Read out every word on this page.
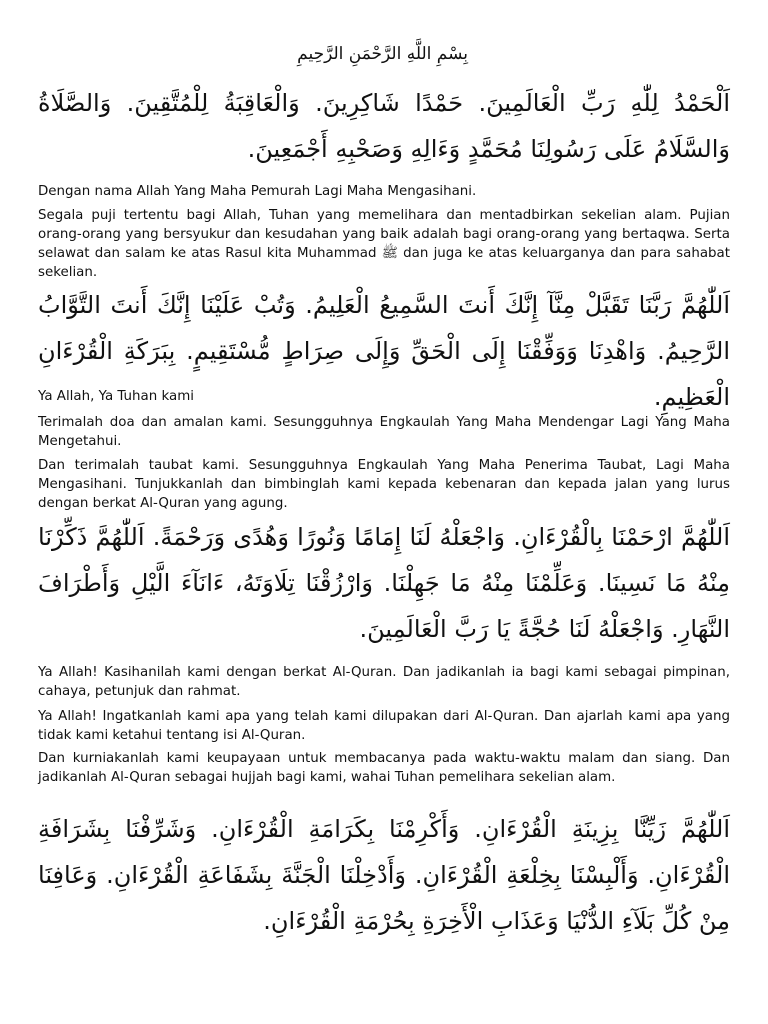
بِسْمِ اللَّهِ الرَّحْمَنِ الرَّحِيمِ

اَلْحَمْدُ لِلّٰهِ رَبِّ الْعَالَمِينَ. حَمْدًا شَاكِرِينَ. وَالْعَاقِبَةُ لِلْمُتَّقِينَ. وَالصَّلَاةُ وَالسَّلَامُ عَلَى رَسُولِنَا مُحَمَّدٍ وَءَالِهِ وَصَحْبِهِ أَجْمَعِينَ.

Dengan nama Allah Yang Maha Pemurah Lagi Maha Mengasihani.

Segala puji tertentu bagi Allah, Tuhan yang memelihara dan mentadbirkan sekelian alam. Pujian orang-orang yang bersyukur dan kesudahan yang baik adalah bagi orang-orang yang bertaqwa. Serta selawat dan salam ke atas Rasul kita Muhammad ﷺ dan juga ke atas keluarganya dan para sahabat sekelian.

اَللّٰهُمَّ رَبَّنَا تَقَبَّلْ مِنَّآ إِنَّكَ أَنتَ السَّمِيعُ الْعَلِيمُ. وَتُبْ عَلَيْنَا إِنَّكَ أَنتَ التَّوَّابُ الرَّحِيمُ. وَاهْدِنَا وَوَفِّقْنَا إِلَى الْحَقِّ وَإِلَى صِرَاطٍ مُّسْتَقِيمٍ. بِبَرَكَةِ الْقُرْءَانِ الْعَظِيمِ.

Ya Allah, Ya Tuhan kami

Terimalah doa dan amalan kami. Sesungguhnya Engkaulah Yang Maha Mendengar Lagi Yang Maha Mengetahui.

Dan terimalah taubat kami. Sesungguhnya Engkaulah Yang Maha Penerima Taubat, Lagi Maha Mengasihani. Tunjukkanlah dan bimbinglah kami kepada kebenaran dan kepada jalan yang lurus dengan berkat Al-Quran yang agung.

اَللّٰهُمَّ ارْحَمْنَا بِالْقُرْءَانِ. وَاجْعَلْهُ لَنَا إِمَامًا وَنُورًا وَهُدًى وَرَحْمَةً. اَللّٰهُمَّ ذَكِّرْنَا مِنْهُ مَا نَسِينَا. وَعَلِّمْنَا مِنْهُ مَا جَهِلْنَا. وَارْزُقْنَا تِلَاوَتَهُ، ءَانَآءَ الَّيْلِ وَأَطْرَافَ النَّهَارِ. وَاجْعَلْهُ لَنَا حُجَّةً يَا رَبَّ الْعَالَمِينَ.

Ya Allah! Kasihanilah kami dengan berkat Al-Quran. Dan jadikanlah ia bagi kami sebagai pimpinan, cahaya, petunjuk dan rahmat.

Ya Allah! Ingatkanlah kami apa yang telah kami dilupakan dari Al-Quran. Dan ajarlah kami apa yang tidak kami ketahui tentang isi Al-Quran.

Dan kurniakanlah kami keupayaan untuk membacanya pada waktu-waktu malam dan siang. Dan jadikanlah Al-Quran sebagai hujjah bagi kami, wahai Tuhan pemelihara sekelian alam.

اَللّٰهُمَّ زَيِّنَّا بِزِينَةِ الْقُرْءَانِ. وَأَكْرِمْنَا بِكَرَامَةِ الْقُرْءَانِ. وَشَرِّفْنَا بِشَرَافَةِ الْقُرْءَانِ. وَأَلْبِسْنَا بِخِلْعَةِ الْقُرْءَانِ. وَأَدْخِلْنَا الْجَنَّةَ بِشَفَاعَةِ الْقُرْءَانِ. وَعَافِنَا مِنْ كُلِّ بَلَآءِ الدُّنْيَا وَعَذَابِ الْأَخِرَةِ بِحُرْمَةِ الْقُرْءَانِ.
